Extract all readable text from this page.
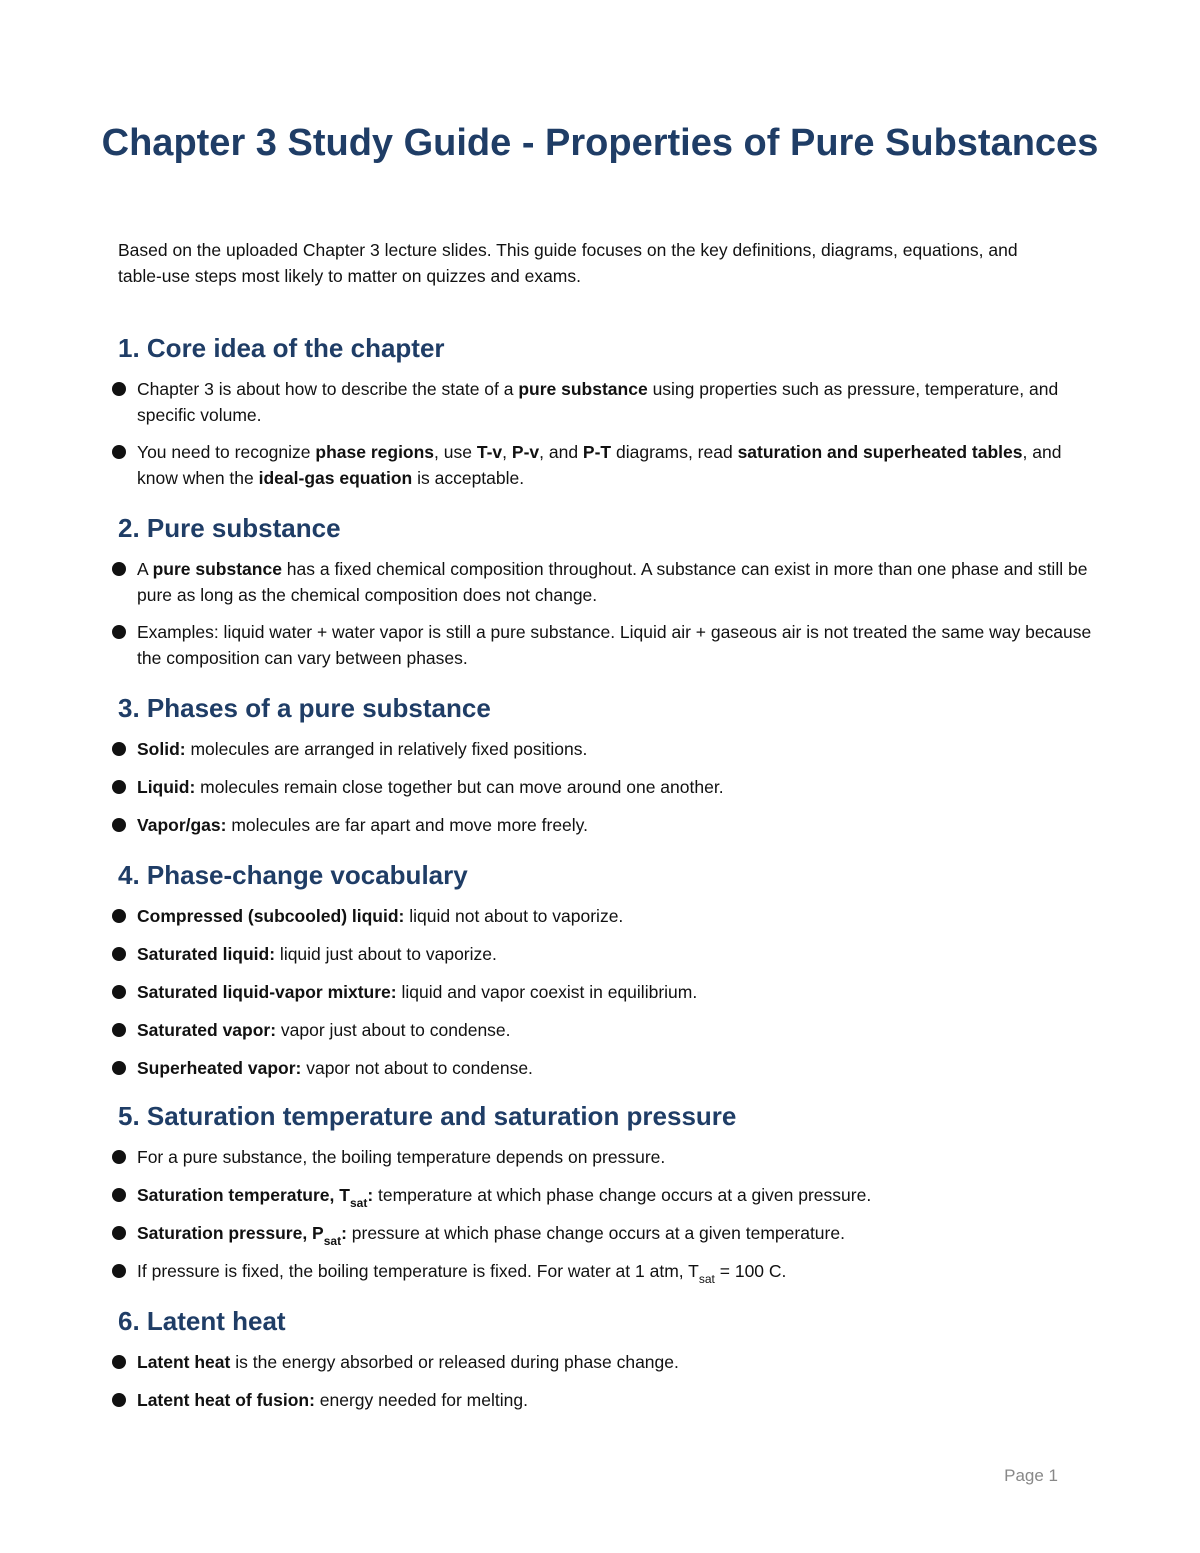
Chapter 3 Study Guide - Properties of Pure Substances

Based on the uploaded Chapter 3 lecture slides. This guide focuses on the key definitions, diagrams, equations, and table-use steps most likely to matter on quizzes and exams.

1. Core idea of the chapter
Chapter 3 is about how to describe the state of a pure substance using properties such as pressure, temperature, and specific volume.
You need to recognize phase regions, use T-v, P-v, and P-T diagrams, read saturation and superheated tables, and know when the ideal-gas equation is acceptable.
2. Pure substance
A pure substance has a fixed chemical composition throughout. A substance can exist in more than one phase and still be pure as long as the chemical composition does not change.
Examples: liquid water + water vapor is still a pure substance. Liquid air + gaseous air is not treated the same way because the composition can vary between phases.
3. Phases of a pure substance
Solid: molecules are arranged in relatively fixed positions.
Liquid: molecules remain close together but can move around one another.
Vapor/gas: molecules are far apart and move more freely.
4. Phase-change vocabulary
Compressed (subcooled) liquid: liquid not about to vaporize.
Saturated liquid: liquid just about to vaporize.
Saturated liquid-vapor mixture: liquid and vapor coexist in equilibrium.
Saturated vapor: vapor just about to condense.
Superheated vapor: vapor not about to condense.
5. Saturation temperature and saturation pressure
For a pure substance, the boiling temperature depends on pressure.
Saturation temperature, $T_{sat}$: temperature at which phase change occurs at a given pressure.
Saturation pressure, $P_{sat}$: pressure at which phase change occurs at a given temperature.
If pressure is fixed, the boiling temperature is fixed. For water at 1 atm, $T_{sat} = 100$ C.
6. Latent heat
Latent heat is the energy absorbed or released during phase change.
Latent heat of fusion: energy needed for melting.
Page 1
